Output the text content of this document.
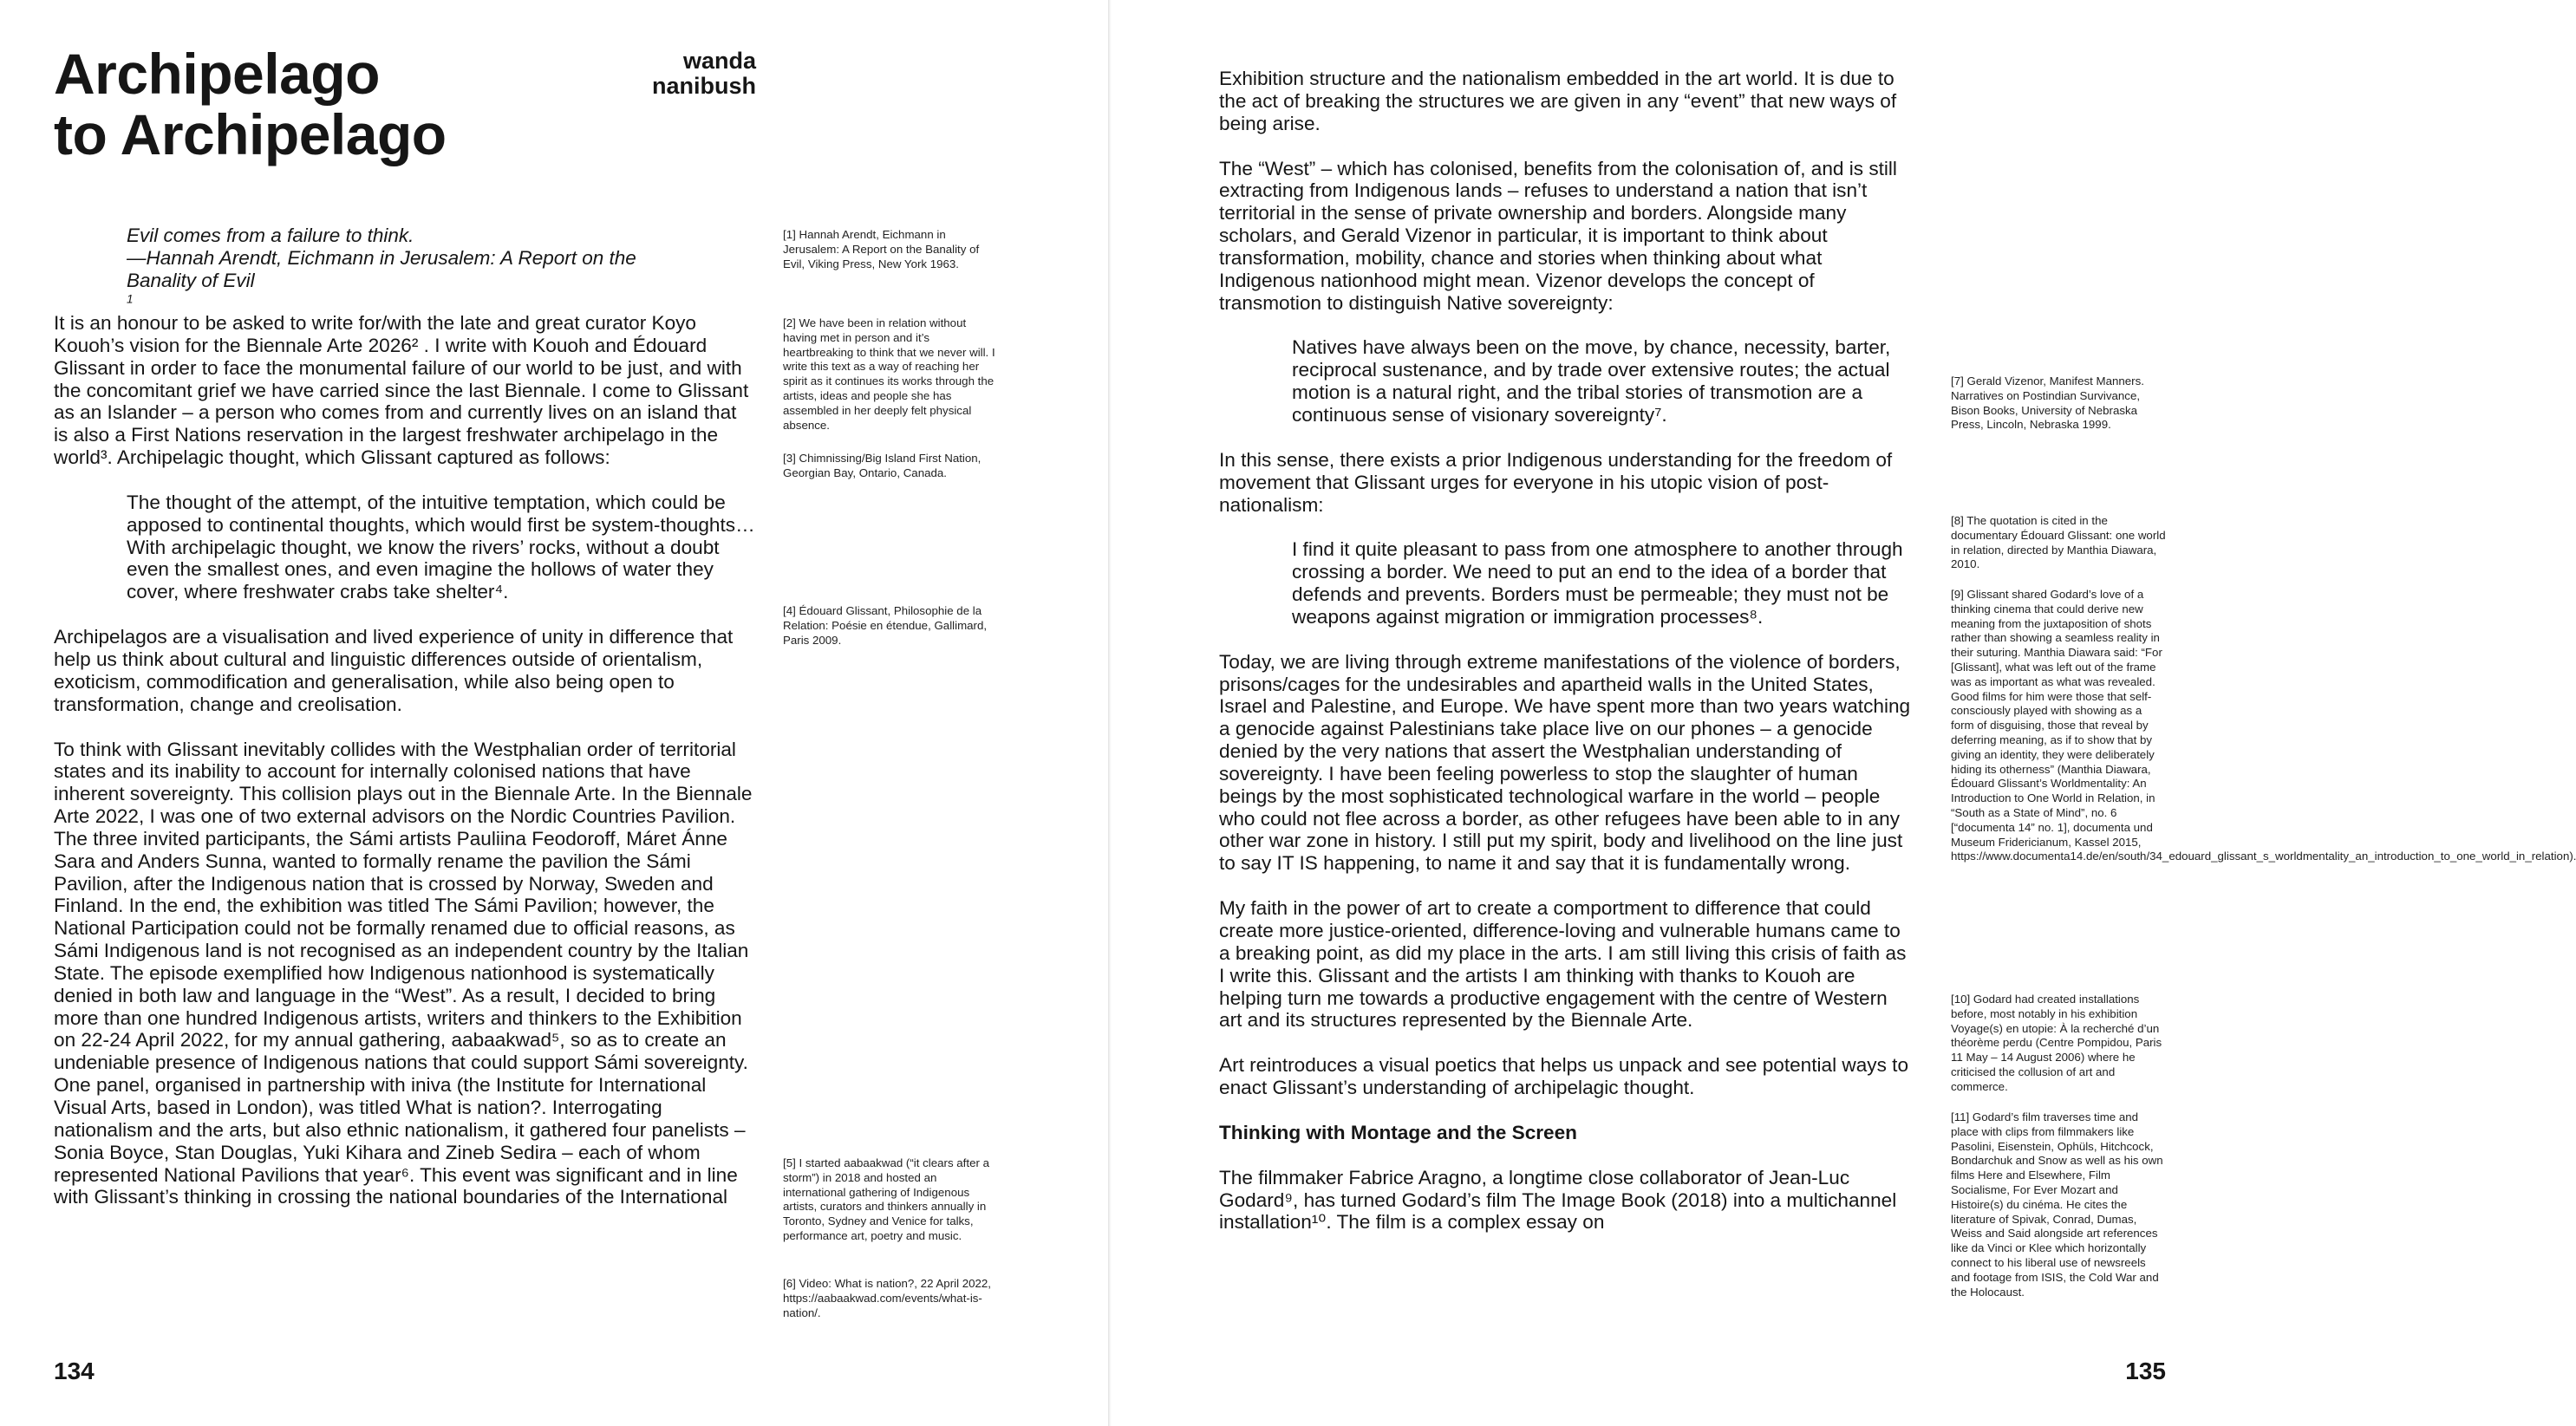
Archipelago
to Archipelago
wanda
nanibush
Evil comes from a failure to think.
—Hannah Arendt, Eichmann in Jerusalem: A Report on the
Banality of Evil
$^1$

It is an honour to be asked to write for/with the late and great curator Koyo Kouoh’s vision for the Biennale Arte 2026² . I write with Kouoh and Édouard Glissant in order to face the monumental failure of our world to be just, and with the concomitant grief we have carried since the last Biennale. I come to Glissant as an Islander – a person who comes from and currently lives on an island that is also a First Nations reservation in the largest freshwater archipelago in the world³. Archipelagic thought, which Glissant captured as follows:

The thought of the attempt, of the intuitive temptation, which could be apposed to continental thoughts, which would first be system-thoughts… With archipelagic thought, we know the rivers’ rocks, without a doubt even the smallest ones, and even imagine the hollows of water they cover, where freshwater crabs take shelter⁴.

Archipelagos are a visualisation and lived experience of unity in difference that help us think about cultural and linguistic differences outside of orientalism, exoticism, commodification and generalisation, while also being open to transformation, change and creolisation.

To think with Glissant inevitably collides with the Westphalian order of territorial states and its inability to account for internally colonised nations that have inherent sovereignty. This collision plays out in the Biennale Arte. In the Biennale Arte 2022, I was one of two external advisors on the Nordic Countries Pavilion. The three invited participants, the Sámi artists Pauliina Feodoroff, Máret Ánne Sara and Anders Sunna, wanted to formally rename the pavilion the Sámi Pavilion, after the Indigenous nation that is crossed by Norway, Sweden and Finland. In the end, the exhibition was titled The Sámi Pavilion; however, the National Participation could not be formally renamed due to official reasons, as Sámi Indigenous land is not recognised as an independent country by the Italian State. The episode exemplified how Indigenous nationhood is systematically denied in both law and language in the “West”. As a result, I decided to bring more than one hundred Indigenous artists, writers and thinkers to the Exhibition on 22-24 April 2022, for my annual gathering, aabaakwad⁵, so as to create an undeniable presence of Indigenous nations that could support Sámi sovereignty. One panel, organised in partnership with iniva (the Institute for International Visual Arts, based in London), was titled What is nation?. Interrogating nationalism and the arts, but also ethnic nationalism, it gathered four panelists – Sonia Boyce, Stan Douglas, Yuki Kihara and Zineb Sedira – each of whom represented National Pavilions that year⁶. This event was significant and in line with Glissant’s thinking in crossing the national boundaries of the International

[1] Hannah Arendt, Eichmann in Jerusalem: A Report on the Banality of Evil, Viking Press, New York 1963.

[2] We have been in relation without having met in person and it’s heartbreaking to think that we never will. I write this text as a way of reaching her spirit as it continues its works through the artists, ideas and people she has assembled in her deeply felt physical absence.

[3] Chimnissing/Big Island First Nation, Georgian Bay, Ontario, Canada.

[4] Édouard Glissant, Philosophie de la Relation: Poésie en étendue, Gallimard, Paris 2009.

[5] I started aabaakwad (“it clears after a storm”) in 2018 and hosted an international gathering of Indigenous artists, curators and thinkers annually in Toronto, Sydney and Venice for talks, performance art, poetry and music.

[6] Video: What is nation?, 22 April 2022, https://aabaakwad.com/events/what-is-nation/.

134

Exhibition structure and the nationalism embedded in the art world. It is due to the act of breaking the structures we are given in any “event” that new ways of being arise.

The “West” – which has colonised, benefits from the colonisation of, and is still extracting from Indigenous lands – refuses to understand a nation that isn’t territorial in the sense of private ownership and borders. Alongside many scholars, and Gerald Vizenor in particular, it is important to think about transformation, mobility, chance and stories when thinking about what Indigenous nationhood might mean. Vizenor develops the concept of transmotion to distinguish Native sovereignty:

Natives have always been on the move, by chance, necessity, barter, reciprocal sustenance, and by trade over extensive routes; the actual motion is a natural right, and the tribal stories of transmotion are a continuous sense of visionary sovereignty⁷.

In this sense, there exists a prior Indigenous understanding for the freedom of movement that Glissant urges for everyone in his utopic vision of post-nationalism:

I find it quite pleasant to pass from one atmosphere to another through crossing a border. We need to put an end to the idea of a border that defends and prevents. Borders must be permeable; they must not be weapons against migration or immigration processes⁸.

Today, we are living through extreme manifestations of the violence of borders, prisons/cages for the undesirables and apartheid walls in the United States, Israel and Palestine, and Europe. We have spent more than two years watching a genocide against Palestinians take place live on our phones – a genocide denied by the very nations that assert the Westphalian understanding of sovereignty. I have been feeling powerless to stop the slaughter of human beings by the most sophisticated technological warfare in the world – people who could not flee across a border, as other refugees have been able to in any other war zone in history. I still put my spirit, body and livelihood on the line just to say IT IS happening, to name it and say that it is fundamentally wrong.

My faith in the power of art to create a comportment to difference that could create more justice-oriented, difference-loving and vulnerable humans came to a breaking point, as did my place in the arts. I am still living this crisis of faith as I write this. Glissant and the artists I am thinking with thanks to Kouoh are helping turn me towards a productive engagement with the centre of Western art and its structures represented by the Biennale Arte.

Art reintroduces a visual poetics that helps us unpack and see potential ways to enact Glissant’s understanding of archipelagic thought.

Thinking with Montage and the Screen

The filmmaker Fabrice Aragno, a longtime close collaborator of Jean-Luc Godard⁹, has turned Godard’s film The Image Book (2018) into a multichannel installation¹⁰. The film is a complex essay on

[7] Gerald Vizenor, Manifest Manners. Narratives on Postindian Survivance, Bison Books, University of Nebraska Press, Lincoln, Nebraska 1999.

[8] The quotation is cited in the documentary Édouard Glissant: one world in relation, directed by Manthia Diawara, 2010.

[9] Glissant shared Godard’s love of a thinking cinema that could derive new meaning from the juxtaposition of shots rather than showing a seamless reality in their suturing. Manthia Diawara said: “For [Glissant], what was left out of the frame was as important as what was revealed. Good films for him were those that self-consciously played with showing as a form of disguising, those that reveal by deferring meaning, as if to show that by giving an identity, they were deliberately hiding its otherness” (Manthia Diawara, Édouard Glissant’s Worldmentality: An Introduction to One World in Relation, in “South as a State of Mind”, no. 6 [“documenta 14” no. 1], documenta und Museum Fridericianum, Kassel 2015, https://www.documenta14.de/en/south/34_edouard_glissant_s_worldmentality_an_introduction_to_one_world_in_relation).

[10] Godard had created installations before, most notably in his exhibition Voyage(s) en utopie: À la recherché d’un théorème perdu (Centre Pompidou, Paris 11 May – 14 August 2006) where he criticised the collusion of art and commerce.

[11] Godard’s film traverses time and place with clips from filmmakers like Pasolini, Eisenstein, Ophüls, Hitchcock, Bondarchuk and Snow as well as his own films Here and Elsewhere, Film Socialisme, For Ever Mozart and Histoire(s) du cinéma. He cites the literature of Spivak, Conrad, Dumas, Weiss and Said alongside art references like da Vinci or Klee which horizontally connect to his liberal use of newsreels and footage from ISIS, the Cold War and the Holocaust.

135
